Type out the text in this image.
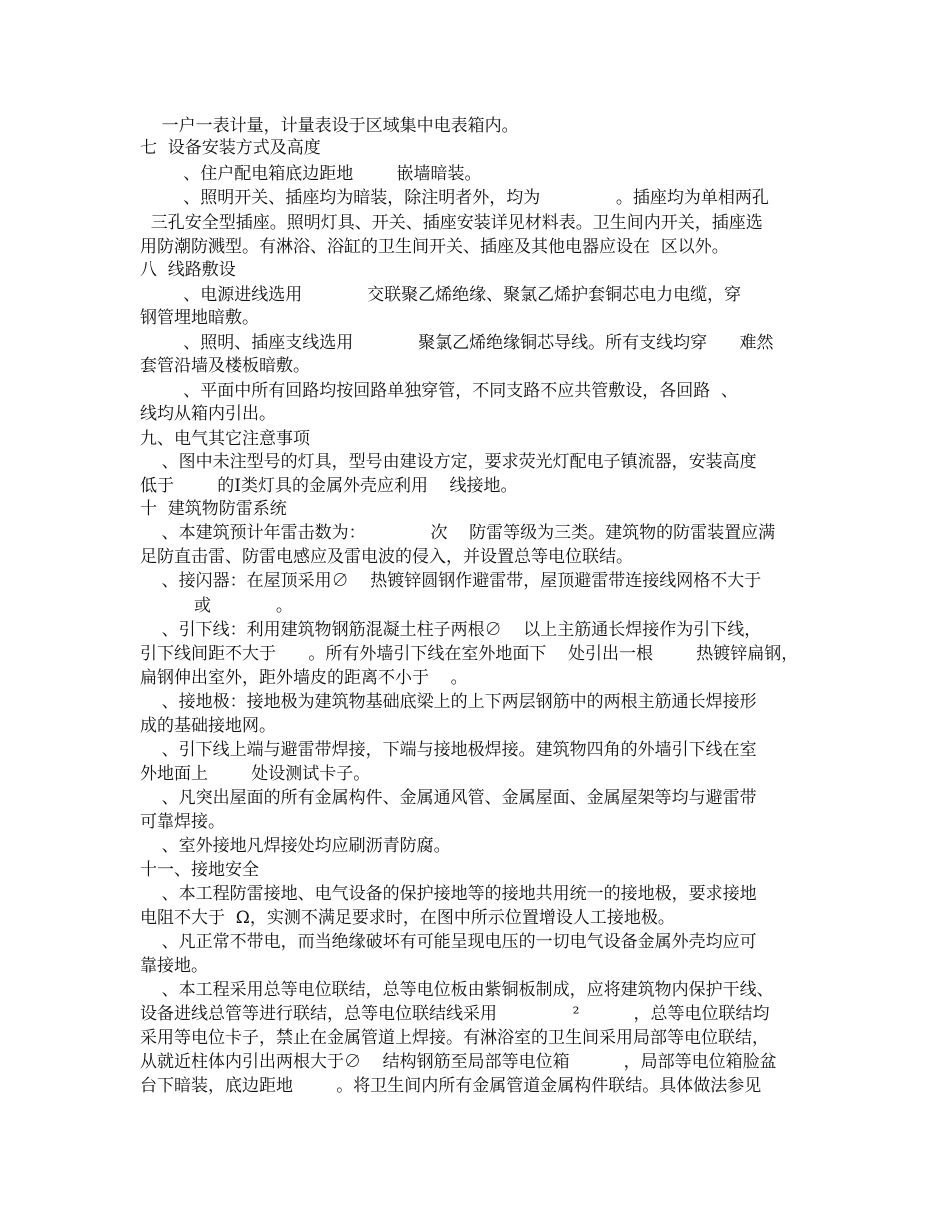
一户一表计量，计量表设于区域集中电表箱内。
七  设备安装方式及高度
、住户配电箱底边距地        嵌墙暗装。
、照明开关、插座均为暗装，除注明者外，均为              。插座均为单相两孔
三孔安全型插座。照明灯具、开关、插座安装详见材料表。卫生间内开关，插座选
用防潮防溅型。有淋浴、浴缸的卫生间开关、插座及其他电器应设在  区以外。
八  线路敷设
、电源进线选用            交联聚乙烯绝缘、聚氯乙烯护套铜芯电力电缆，穿
钢管埋地暗敷。
、照明、插座支线选用            聚氯乙烯绝缘铜芯导线。所有支线均穿      难然
套管沿墙及楼板暗敷。
、平面中所有回路均按回路单独穿管，不同支路不应共管敷设，各回路  、
线均从箱内引出。
九、电气其它注意事项
、图中未注型号的灯具，型号由建设方定，要求荧光灯配电子镇流器，安装高度
低于        的Ⅰ类灯具的金属外壳应利用    线接地。
十  建筑物防雷系统
、本建筑预计年雷击数为：            次    防雷等级为三类。建筑物的防雷装置应满
足防直击雷、防雷电感应及雷电波的侵入，并设置总等电位联结。
、接闪器：在屋顶采用∅    热镀锌圆钢作避雷带，屋顶避雷带连接线网格不大于
或            。
、引下线：利用建筑物钢筋混凝土柱子两根∅    以上主筋通长焊接作为引下线，
引下线间距不大于      。所有外墙引下线在室外地面下    处引出一根        热镀锌扁钢，
扁钢伸出室外，距外墙皮的距离不小于    。
、接地极：接地极为建筑物基础底梁上的上下两层钢筋中的两根主筋通长焊接形
成的基础接地网。
、引下线上端与避雷带焊接，下端与接地极焊接。建筑物四角的外墙引下线在室
外地面上        处设测试卡子。
、凡突出屋面的所有金属构件、金属通风管、金属屋面、金属屋架等均与避雷带
可靠焊接。
、室外接地凡焊接处均应刷沥青防腐。
十一、接地安全
、本工程防雷接地、电气设备的保护接地等的接地共用统一的接地极，要求接地
电阻不大于  Ω，实测不满足要求时，在图中所示位置增设人工接地极。
、凡正常不带电，而当绝缘破坏有可能呈现电压的一切电气设备金属外壳均应可
靠接地。
、本工程采用总等电位联结，总等电位板由紫铜板制成，应将建筑物内保护干线、
设备进线总管等进行联结，总等电位联结线采用              ²          ，总等电位联结均
采用等电位卡子，禁止在金属管道上焊接。有淋浴室的卫生间采用局部等电位联结，
从就近柱体内引出两根大于∅    结构钢筋至局部等电位箱          ，局部等电位箱脸盆
台下暗装，底边距地        。将卫生间内所有金属管道金属构件联结。具体做法参见
